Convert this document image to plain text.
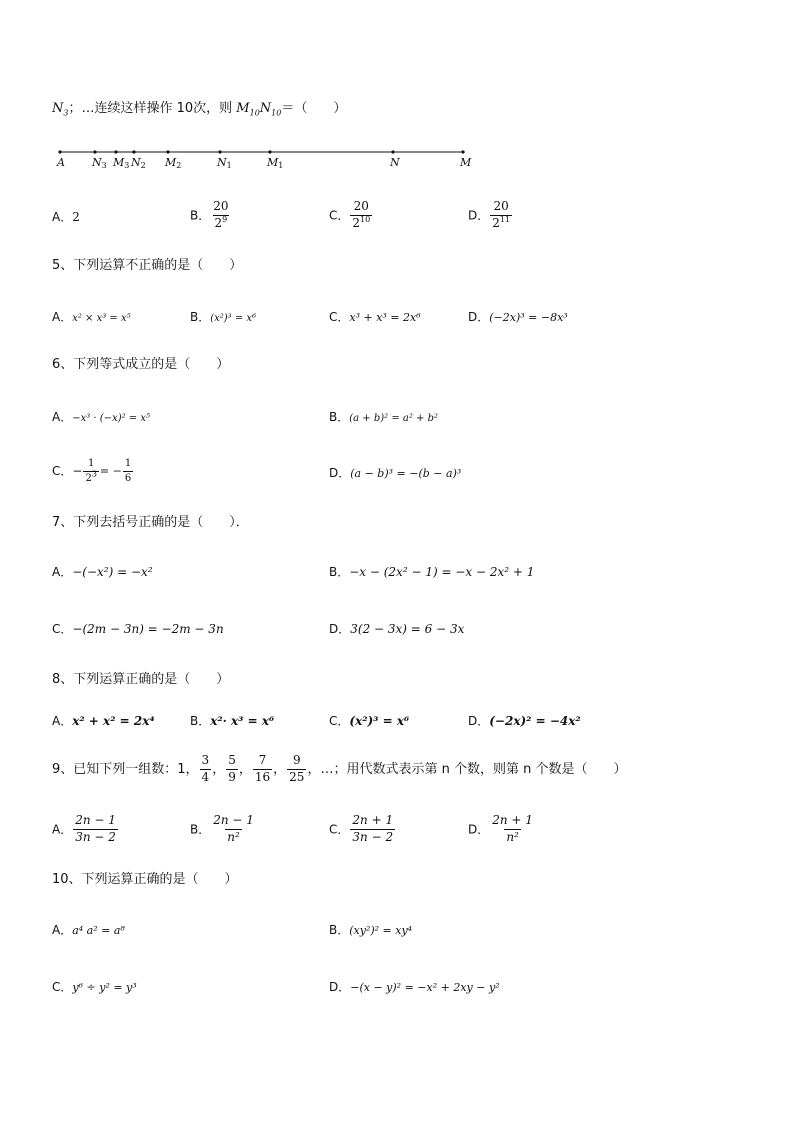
$N_3$；…连续这样操作 10次，则 $M_{10}N_{10}=$（　　）
A N3 M3 N2 M2	N1	M1	N	M
A．2	B． $\frac{20}{2^9}$	C． $\frac{20}{2^{10}}$	D． $\frac{20}{2^{11}}$
5、下列运算不正确的是（　　）
A．x² × x³ = x⁵	B．(x²)³ = x⁶	C．x³ + x³ = 2x⁶	D．(−2x)³ = −8x³
6、下列等式成立的是（　　）
A．−x³ · (−x)² = x⁵	B．(a + b)² = a² + b²
C．− $\frac{1}{2^3}$ = − $\frac{1}{6}$	D．(a − b)³ = −(b − a)³
7、下列去括号正确的是（　　）．
A．−(−x²) = −x²	B．−x − (2x² − 1) = −x − 2x² + 1
C．−(2m − 3n) = −2m − 3n	D．3(2 − 3x) = 6 − 3x
8、下列运算正确的是（　　）
A．x² + x² = 2x⁴	B．x²· x³ = x⁶	C．(x²)³ = x⁶	D．(−2x)² = −4x²
9、已知下列一组数：1， $\frac{3}{4}$ ， $\frac{5}{9}$ ， $\frac{7}{16}$ ， $\frac{9}{25}$ ，…；用代数式表示第 n 个数，则第 n 个数是（　　）
A． $\frac{2n - 1}{3n - 2}$	B． $\frac{2n - 1}{\text{n²}}$	C． $\frac{2n + 1}{3n - 2}$	D． $\frac{2n + 1}{\text{n²}}$
10、下列运算正确的是（　　）
A．a⁴ a² = a⁸	B．(xy²)² = xy⁴
C．y⁶ ÷ y² = y³	D．−(x − y)² = −x² + 2xy − y²
